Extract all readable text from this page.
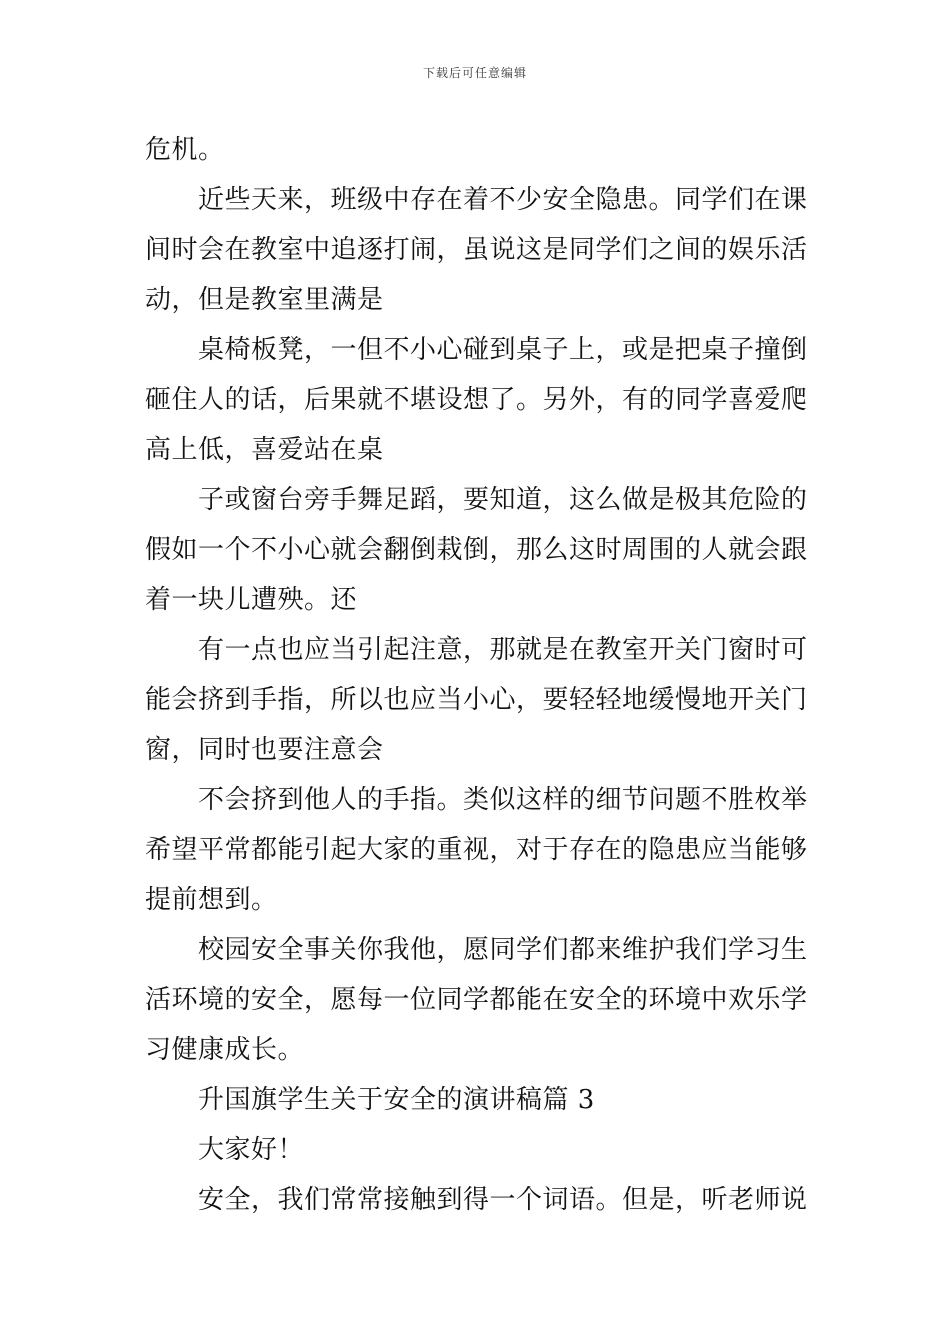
下载后可任意编辑

危机。

近些天来，班级中存在着不少安全隐患。同学们在课

间时会在教室中追逐打闹，虽说这是同学们之间的娱乐活

动，但是教室里满是

桌椅板凳，一但不小心碰到桌子上，或是把桌子撞倒

砸住人的话，后果就不堪设想了。另外，有的同学喜爱爬

高上低，喜爱站在桌

子或窗台旁手舞足蹈，要知道，这么做是极其危险的

假如一个不小心就会翻倒栽倒，那么这时周围的人就会跟

着一块儿遭殃。还

有一点也应当引起注意，那就是在教室开关门窗时可

能会挤到手指，所以也应当小心，要轻轻地缓慢地开关门

窗，同时也要注意会

不会挤到他人的手指。类似这样的细节问题不胜枚举

希望平常都能引起大家的重视，对于存在的隐患应当能够

提前想到。

校园安全事关你我他，愿同学们都来维护我们学习生

活环境的安全，愿每一位同学都能在安全的环境中欢乐学

习健康成长。

升国旗学生关于安全的演讲稿篇 3

大家好！

安全，我们常常接触到得一个词语。但是，听老师说
